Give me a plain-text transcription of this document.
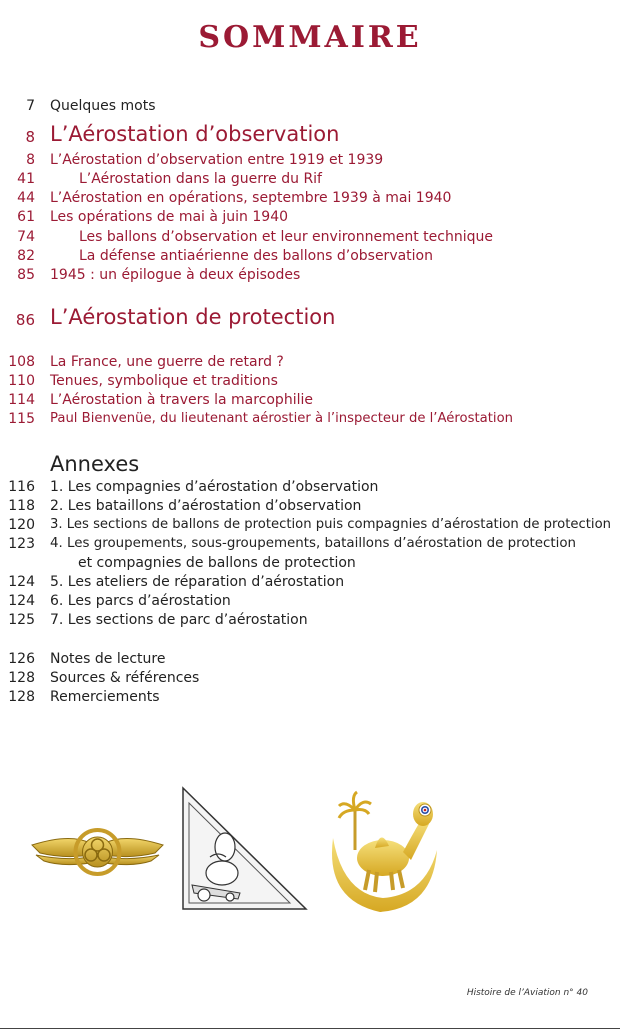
SOMMAIRE
7 Quelques mots
8 L’Aérostation d’observation
8 L’Aérostation d’observation entre 1919 et 1939
41	L’Aérostation dans la guerre du Rif
44 L’Aérostation en opérations, septembre 1939 à mai 1940
61 Les opérations de mai à juin 1940
74	Les ballons d’observation et leur environnement technique
82	La défense antiaérienne des ballons d’observation
85 1945 : un épilogue à deux épisodes
86 L’Aérostation de protection
108 La France, une guerre de retard ?
110 Tenues, symbolique et traditions
114 L’Aérostation à travers la marcophilie
115 Paul Bienvenüe, du lieutenant aérostier à l’inspecteur de l’Aérostation
Annexes
116 1. Les compagnies d’aérostation d’observation
118 2. Les bataillons d’aérostation d’observation
120 3. Les sections de ballons de protection puis compagnies d’aérostation de protection
123 4. Les groupements, sous-groupements, bataillons d’aérostation de protection
et compagnies de ballons de protection
124 5. Les ateliers de réparation d’aérostation
124 6. Les parcs d’aérostation
125 7. Les sections de parc d’aérostation
126 Notes de lecture
128 Sources & références
128 Remerciements
Histoire de l’Aviation n° 40
